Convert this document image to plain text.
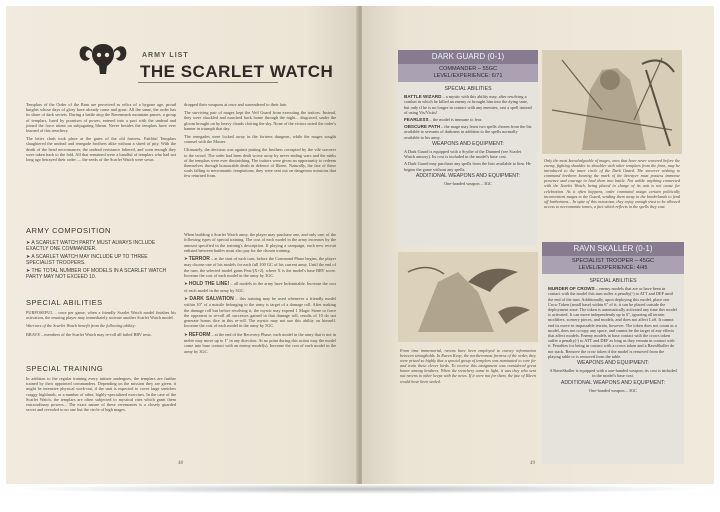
ARMY LIST
THE SCARLET WATCH

Templars of the Order of the Ram are perceived as relics of a bygone age, proud knights whose days of glory have already come and gone. All the same, the order has its share of dark secrets. During a battle atop the Ravenmark mountain passes, a group of templars, lured by promises of power, entered into a pact with the undead and joined the force intent on subjugating Ithean. Never besides the templars have ever learned of this treachery.

The letter clash took place at the gates of the old fortress. Faithful Templars slaughtered the undead and renegade brothers alike without a shred of pity. With the death of the head necromancer, the undead resistance faltered, and soon enough they were taken back to the fold. All that remained were a handful of templars who had not long ago betrayed their order — the seeds of the Scarlet Watch were sown.

dropped their weapons at once and surrendered to their fate.

The surviving pair of mages kept the Veil Guard from executing the traitors. Instead, they were shackled and marched back home through the night... disgraced, under the gloom brought on by heavy clouds clotting the sky. None of the victors noted the order's banner in triumph that day.

The renegades were locked away in the fortress dungeon, while the mages sought counsel with the Master.

Ultimately, the decision was against putting the brothers corrupted by the vile sorcerer to the sword. The order had been dealt worse away by never ending wars and the ranks of the templars were ever diminishing. The traitors were given an opportunity to redeem themselves through honourable death in defence of Ilkeen. Naturally, the fate of these souls falling to necromantic temptations, they were sent out on dangerous missions that few returned from.

ARMY COMPOSITION
➤ A SCARLET WATCH PARTY MUST ALWAYS INCLUDE EXACTLY ONE COMMANDER.
➤ A SCARLET WATCH MAY INCLUDE UP TO THREE SPECIALIST TROOPERS.
➤ THE TOTAL NUMBER OF MODELS IN A SCARLET WATCH PARTY MAY NOT EXCEED 10.
SPECIAL ABILITIES

PURPOSEFUL – once per game, when a friendly Scarlet Watch model finishes his activation, the ensuing player may immediately activate another Scarlet Watch model.

Warriors of the Scarlet Watch benefit from the following ability:

BRAVE – members of the Scarlet Watch may re-roll all failed BRV tests.

SPECIAL TRAINING
In addition to the regular training every initiate undergoes, the templars are further trained by their appointed commanders. Depending on the mission they are given, it might be intensive physical work-out, if the unit is expected to cover large stretches craggy highlands, or a number of other, highly-specialized exercises. In the case of the Scarlet Watch, the templars are often subjected to mystical rites which grant them extraordinary powers... The exact nature of these ceremonies is a closely guarded secret and revealed to no one but the circle of high mages.
When building a Scarlet Watch army, the player may purchase one, and only one, of the following types of special training. The cost of each model in the army increases by the amount specified in the training's description. If playing a campaign, each new recruit enlisted between battles must also pay for the chosen training.
➤ TERROR – at the start of each turn, before the Command Phase begins, the player may choose one of his models for each full 100 GC of his current army. Until the end of the turn, the selected model gains Fear/(X+2), where X is the model's base BRV score. Increase the cost of each model in the army by 3GC.
➤ HOLD THE LINE! – all models in the army have Indomitable. Increase the cost of each model in the army by 3GC.
➤ DARK SALVATION – this training may be used whenever a friendly model within 10" of a missile belonging to the army is target of a damage roll. After making the damage roll but before resolving it, the mystic may expend 1 Magic Stone to force the opponent to re-roll all successes gained in that damage roll, results of 10 do not generate bonus dice in this re-roll. The mystic may not use this ability on himself. Increase the cost of each model in the army by 5GC.
➤ REFORM – at the end of the Recovery Phase, each model in the army that is not in melee may move up to 1" in any direction. At no point during this action may the model come into base contact with an enemy model(s). Increase the cost of each model in the army by 3GC.
48
DARK GUARD (0-1)
COMMANDER – 55GC
LEVEL/EXPERIENCE: 6/71
SPECIAL ABILITIES
BATTLE WIZARD – a mystic with this ability may, after resolving a combat in which he killed an enemy or brought him into the dying state, but only if he is no longer in contact with any enemies, cast a spell instead of using Vis/Victis!
FEARLESS – the model is immune to fear.
OBSCURE PATH – the mage may learn two spells chosen from the list available to servants of darkness in addition to the spells normally available to his army.
WEAPONS AND EQUIPMENT:
A Dark Guard is equipped with a Scythe of the Damned (see Scarlet Watch armory). Its cost is included in the model's base cost.
A Dark Guard may purchase any spells from the lists available to him. He begins the game without any spells.
ADDITIONAL WEAPONS AND EQUIPMENT:
One-handed weapon – 3GC
Only the most knowledgeable of mages, ones that have never wavered before the enemy, fighting shoulder to shoulder with other templars from the front, may be introduced to the inner circle of the Dark Guard. The sorcerer wishing to command brethren bearing the mark of the betrayer must possess immense presence and courage to lead them into battle. Not unlike anything connected with the Scarlet Watch, being placed in charge of its unit is not cause for celebration. As it often happens, order command assign certain politically inconvenient mages to the Guard, sending them away to the borderlands to fend off barbarians... In spite of this ostracism, they enjoy enough trust to be allowed access to necromantic tomes, a fact which reflects in the spells they cast.
From time immemorial, ravens have been employed to convey information between strongholds. In Raven Keep, the northernmost fortress of the order, they were prized so highly that a special group of templars was nominated to care for and train these clever birds. To receive this assignment was considered great honor among brothers. When the treachery came to light, it was they who sent out ravens to other keeps with the news. If it were not for them, the fate of Ilkeen would have been sealed.
RAVN SKALLER (0-1)
SPECIALIST TROOPER – 45GC
LEVEL/EXPERIENCE: 4/45
SPECIAL ABILITIES
MURDER OF CROWS – enemy models that are or have been in contact with the model this turn suffer a penalty(-) to ATT and DEF until the end of the turn. Additionally, upon deploying this model, place one Crow Token (small base) within 6" of it; it can be placed outside the deployment zone. The token is automatically activated any time this model is activated. It can move independently up to 6", ignoring all terrain modifiers, scenery pieces, and models, and does not affect LoS. It cannot end its move in impassable terrain, however. The token does not count as a model, does not occupy any space, and cannot be the target of any effects that affect models. Enemy models in base contact with the crows token suffer a penalty(-) to ATT and DEF as long as they remain in contact with it. Penalties for being in contact with a crows token and a RavnSkaller do not stack. Remove the crow token if the model is removed from the playing table or is removed from the table.
WEAPONS AND EQUIPMENT:
A RavnSkaller is equipped with a one-handed weapon; its cost is included in the model's base cost.
ADDITIONAL WEAPONS AND EQUIPMENT:
One-handed weapon – 3GC
49
